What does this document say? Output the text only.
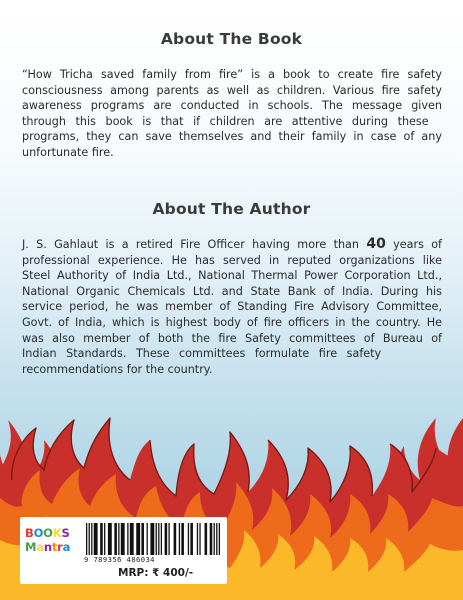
About The Book

“How Tricha saved family from fire” is a book to create fire safety
consciousness among parents as well as children. Various fire safety
awareness programs are conducted in schools. The message given
through this book is that if children are attentive during these
programs, they can save themselves and their family in case of any
unfortunate fire.

About The Author

J. S. Gahlaut is a retired Fire Officer having more than 40 years of
professional experience. He has served in reputed organizations like
Steel Authority of India Ltd., National Thermal Power Corporation Ltd.,
National Organic Chemicals Ltd. and State Bank of India. During his
service period, he was member of Standing Fire Advisory Committee,
Govt. of India, which is highest body of fire officers in the country. He
was also member of both the fire Safety committees of Bureau of
Indian Standards. These committees formulate fire safety
recommendations for the country.

BOOKS
Mantra
9 789356 486034
MRP: ₹ 400/-
